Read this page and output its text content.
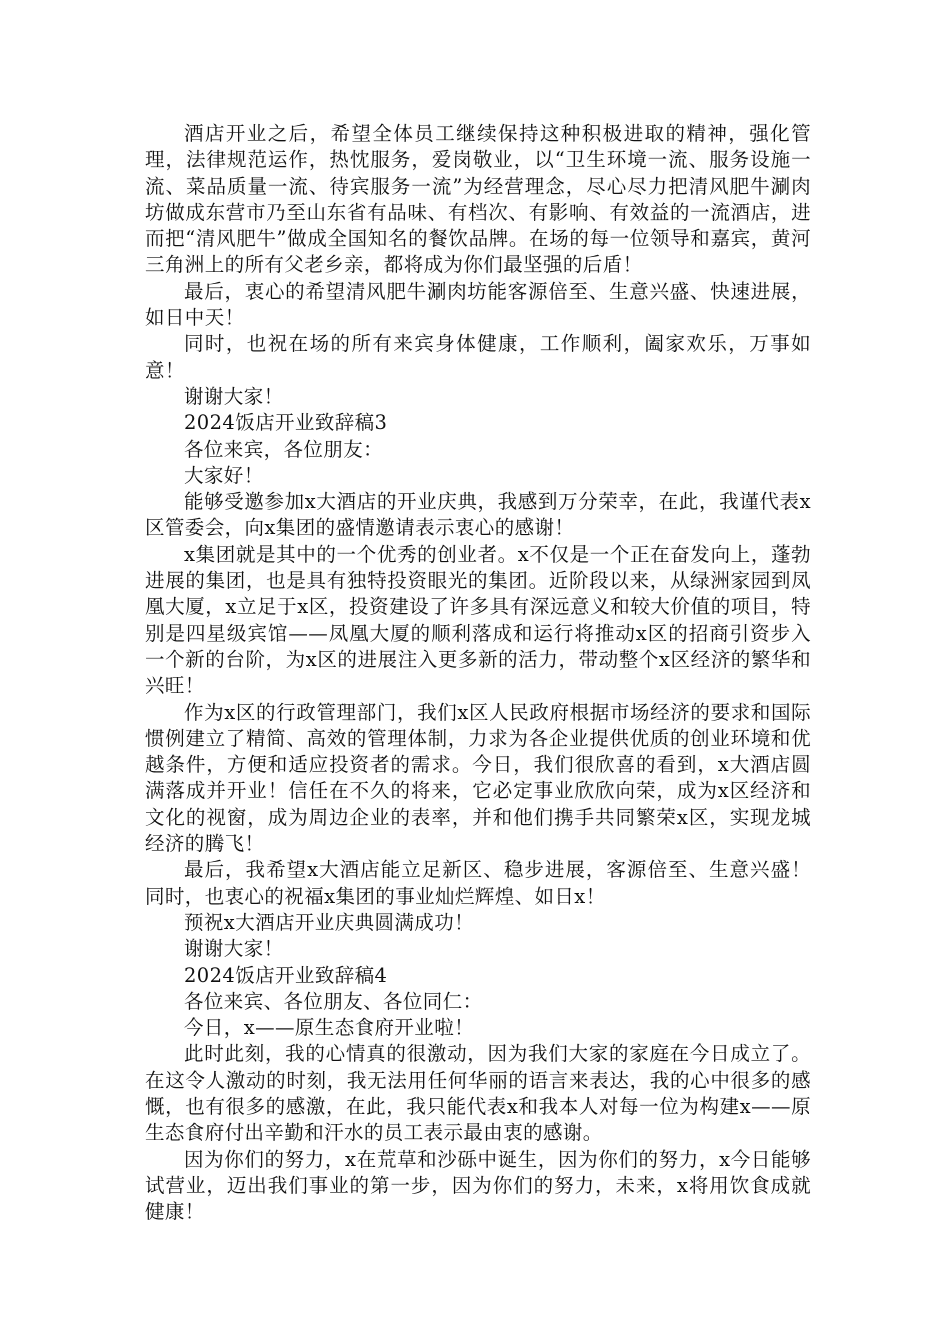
酒店开业之后，希望全体员工继续保持这种积极进取的精神，强化管理，法律规范运作，热忱服务，爱岗敬业，以“卫生环境一流、服务设施一流、菜品质量一流、待宾服务一流”为经营理念，尽心尽力把清风肥牛涮肉坊做成东营市乃至山东省有品味、有档次、有影响、有效益的一流酒店，进而把“清风肥牛”做成全国知名的餐饮品牌。在场的每一位领导和嘉宾，黄河三角洲上的所有父老乡亲，都将成为你们最坚强的后盾！

最后，衷心的希望清风肥牛涮肉坊能客源倍至、生意兴盛、快速进展，如日中天！

同时，也祝在场的所有来宾身体健康，工作顺利，阖家欢乐，万事如意！

谢谢大家！

2024饭店开业致辞稿3

各位来宾，各位朋友：

大家好！

能够受邀参加x大酒店的开业庆典，我感到万分荣幸，在此，我谨代表x区管委会，向x集团的盛情邀请表示衷心的感谢！

x集团就是其中的一个优秀的创业者。x不仅是一个正在奋发向上，蓬勃进展的集团，也是具有独特投资眼光的集团。近阶段以来，从绿洲家园到凤凰大厦，x立足于x区，投资建设了许多具有深远意义和较大价值的项目，特别是四星级宾馆——凤凰大厦的顺利落成和运行将推动x区的招商引资步入一个新的台阶，为x区的进展注入更多新的活力，带动整个x区经济的繁华和兴旺！

作为x区的行政管理部门，我们x区人民政府根据市场经济的要求和国际惯例建立了精简、高效的管理体制，力求为各企业提供优质的创业环境和优越条件，方便和适应投资者的需求。今日，我们很欣喜的看到，x大酒店圆满落成并开业！信任在不久的将来，它必定事业欣欣向荣，成为x区经济和文化的视窗，成为周边企业的表率，并和他们携手共同繁荣x区，实现龙城经济的腾飞！

最后，我希望x大酒店能立足新区、稳步进展，客源倍至、生意兴盛！同时，也衷心的祝福x集团的事业灿烂辉煌、如日x！

预祝x大酒店开业庆典圆满成功！

谢谢大家！

2024饭店开业致辞稿4

各位来宾、各位朋友、各位同仁：

今日，x——原生态食府开业啦！

此时此刻，我的心情真的很激动，因为我们大家的家庭在今日成立了。在这令人激动的时刻，我无法用任何华丽的语言来表达，我的心中很多的感慨，也有很多的感激，在此，我只能代表x和我本人对每一位为构建x——原生态食府付出辛勤和汗水的员工表示最由衷的感谢。

因为你们的努力，x在荒草和沙砾中诞生，因为你们的努力，x今日能够试营业，迈出我们事业的第一步，因为你们的努力，未来，x将用饮食成就健康！
